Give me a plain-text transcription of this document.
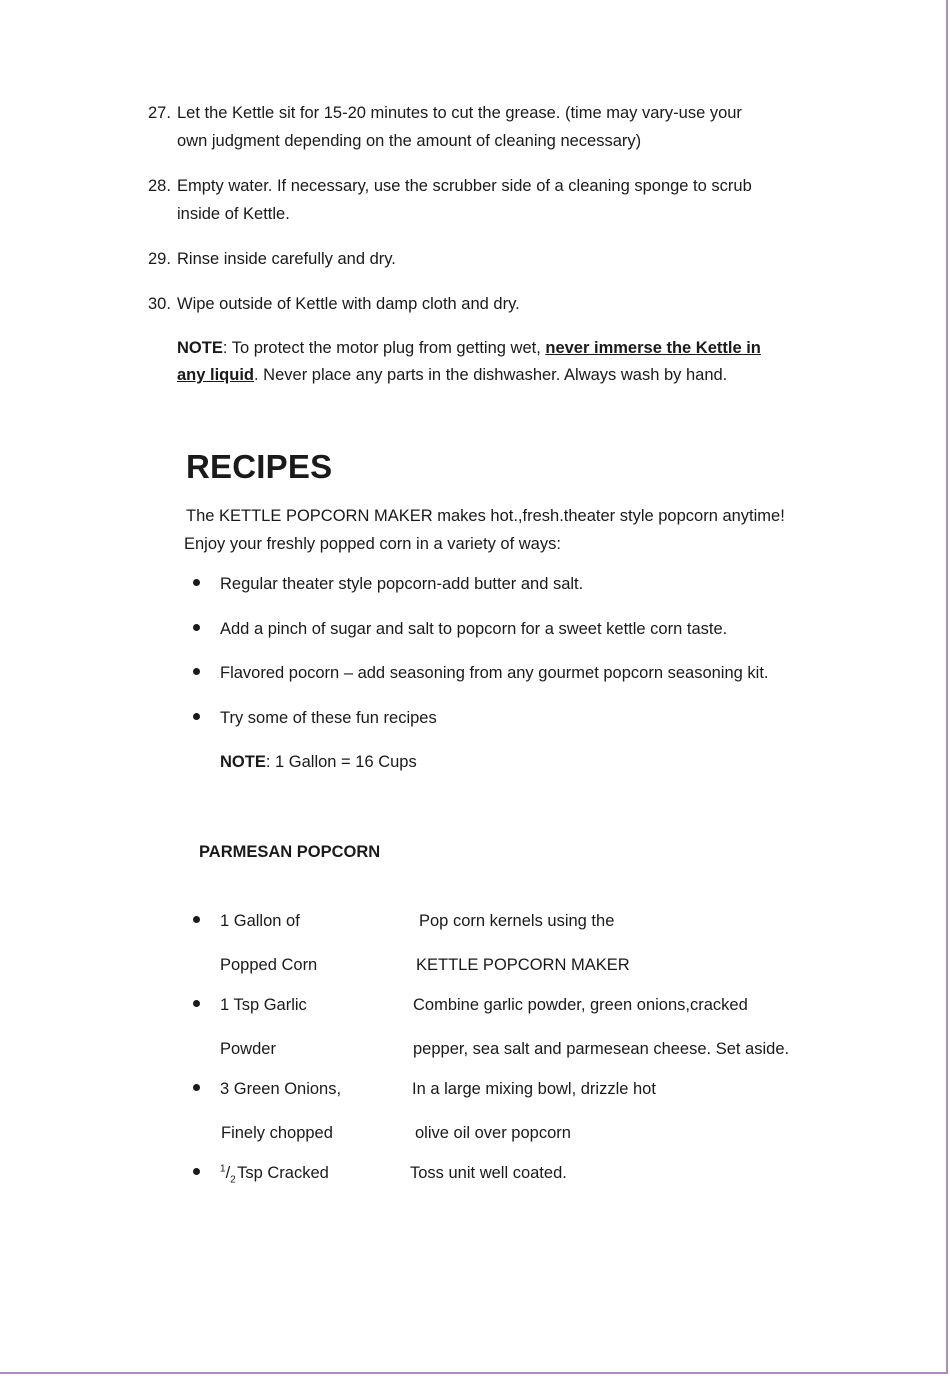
27. Let the Kettle sit for 15-20 minutes to cut the grease. (time may vary-use your
own judgment depending on the amount of cleaning necessary)
28. Empty water. If necessary, use the scrubber side of a cleaning sponge to scrub
inside of Kettle.
29. Rinse inside carefully and dry.
30. Wipe outside of Kettle with damp cloth and dry.
NOTE: To protect the motor plug from getting wet, never immerse the Kettle in
any liquid. Never place any parts in the dishwasher. Always wash by hand.
RECIPES
The KETTLE POPCORN MAKER makes hot.,fresh.theater style popcorn anytime!
Enjoy your freshly popped corn in a variety of ways:
Regular theater style popcorn-add butter and salt.
Add a pinch of sugar and salt to popcorn for a sweet kettle corn taste.
Flavored pocorn – add seasoning from any gourmet popcorn seasoning kit.
Try some of these fun recipes
NOTE: 1 Gallon = 16 Cups
PARMESAN POPCORN
1 Gallon of	Pop corn kernels using the
Popped Corn	KETTLE POPCORN MAKER
1 Tsp Garlic	Combine garlic powder, green onions,cracked
Powder	pepper, sea salt and parmesean cheese. Set aside.
3 Green Onions,	In a large mixing bowl, drizzle hot
Finely chopped	olive oil over popcorn
$^1/_2$ Tsp Cracked	Toss unit well coated.
